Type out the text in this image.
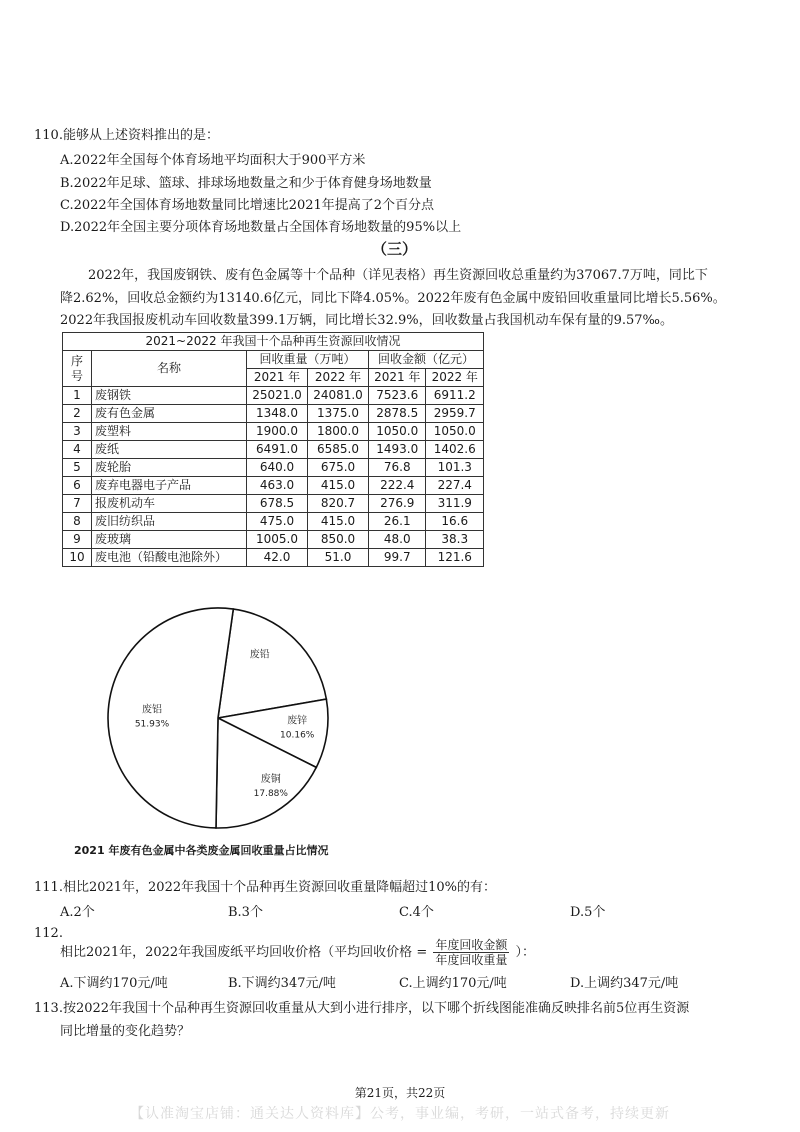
110.能够从上述资料推出的是：
A.2022年全国每个体育场地平均面积大于900平方米
B.2022年足球、篮球、排球场地数量之和少于体育健身场地数量
C.2022年全国体育场地数量同比增速比2021年提高了2个百分点
D.2022年全国主要分项体育场地数量占全国体育场地数量的95%以上
（三）
2022年，我国废钢铁、废有色金属等十个品种（详见表格）再生资源回收总重量约为37067.7万吨，同比下
降2.62%，回收总金额约为13140.6亿元，同比下降4.05%。2022年废有色金属中废铅回收重量同比增长5.56%。
2022年我国报废机动车回收数量399.1万辆，同比增长32.9%，回收数量占我国机动车保有量的9.57‰。
2021~2022 年我国十个品种再生资源回收情况					
序号	名称	回收重量（万吨）		回收金额（亿元）	
		2021 年	2022 年	2021 年	2022 年
1	废钢铁	25021.0	24081.0	7523.6	6911.2
2	废有色金属	1348.0	1375.0	2878.5	2959.7
3	废塑料	1900.0	1800.0	1050.0	1050.0
4	废纸	6491.0	6585.0	1493.0	1402.6
5	废轮胎	640.0	675.0	76.8	101.3
6	废弃电器电子产品	463.0	415.0	222.4	227.4
7	报废机动车	678.5	820.7	276.9	311.9
8	废旧纺织品	475.0	415.0	26.1	16.6
9	废玻璃	1005.0	850.0	48.0	38.3
10	废电池（铅酸电池除外）	42.0	51.0	99.7	121.6
废铅
废锌
10.16%
废铜
17.88%
废铝
51.93%
2021 年废有色金属中各类废金属回收重量占比情况
111.相比2021年，2022年我国十个品种再生资源回收重量降幅超过10%的有：
A.2个	B.3个	C.4个	D.5个
112.
相比2021年，2022年我国废纸平均回收价格（平均回收价格 = $\frac{\text{年度回收金额}}{\text{年度回收重量}}$ ）：
A.下调约170元/吨	B.下调约347元/吨	C.上调约170元/吨	D.上调约347元/吨
113.按2022年我国十个品种再生资源回收重量从大到小进行排序，以下哪个折线图能准确反映排名前5位再生资源
同比增量的变化趋势？
第21页，共22页
【认准淘宝店铺：通关达人资料库】公考，事业编，考研，一站式备考，持续更新
